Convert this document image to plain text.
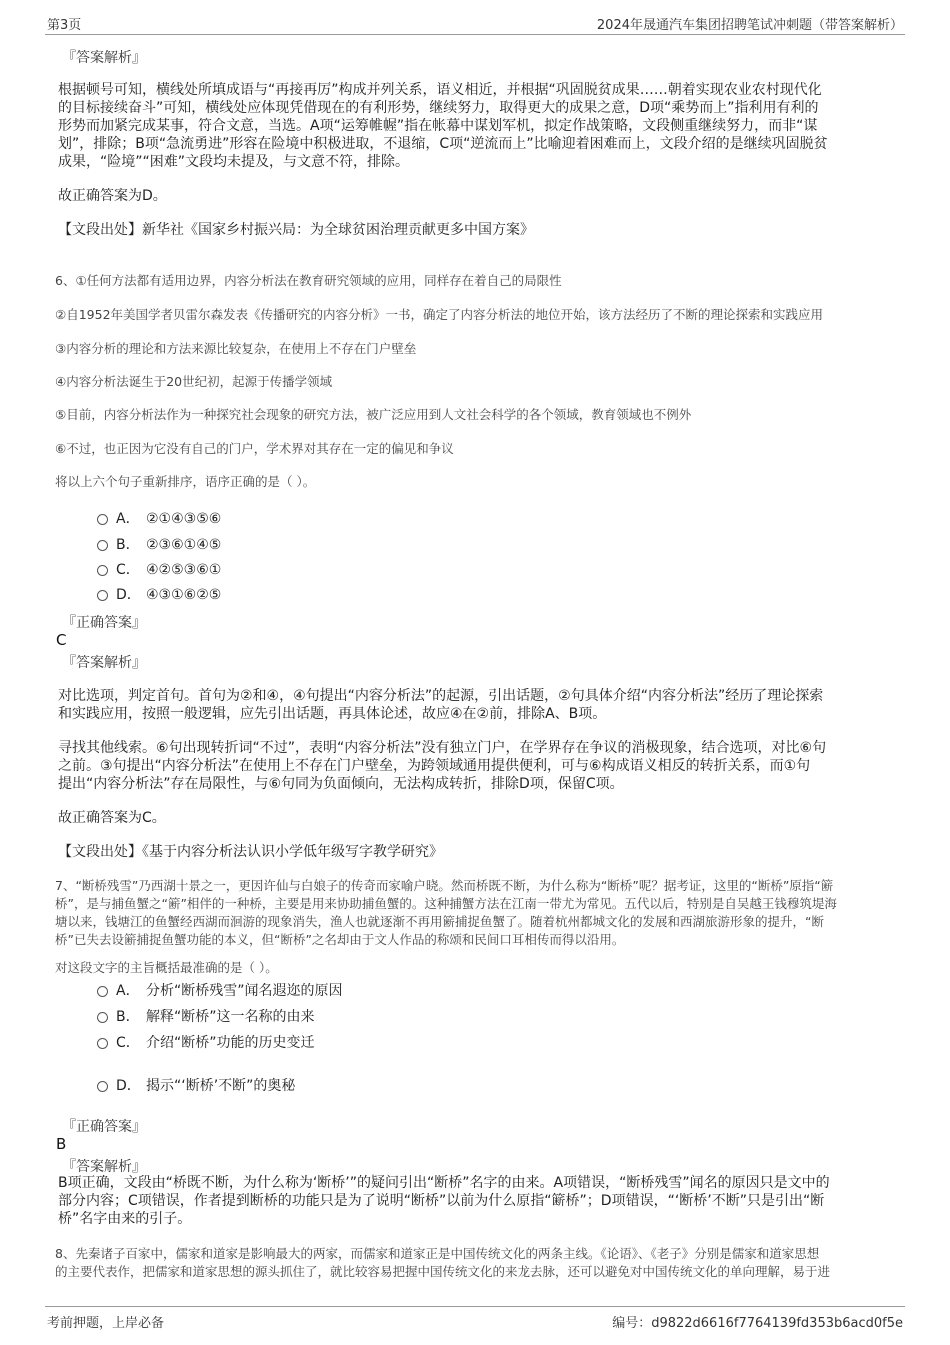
第3页	2024年晟通汽车集团招聘笔试冲刺题（带答案解析）
『答案解析』
根据顿号可知，横线处所填成语与“再接再厉”构成并列关系，语义相近，并根据“巩固脱贫成果……朝着实现农业农村现代化
的目标接续奋斗”可知，横线处应体现凭借现在的有利形势，继续努力，取得更大的成果之意，D项“乘势而上”指利用有利的
形势而加紧完成某事，符合文意，当选。A项“运筹帷幄”指在帐幕中谋划军机，拟定作战策略，文段侧重继续努力，而非“谋
划”，排除；B项“急流勇进”形容在险境中积极进取，不退缩，C项“逆流而上”比喻迎着困难而上，文段介绍的是继续巩固脱贫
成果，“险境”“困难”文段均未提及，与文意不符，排除。
故正确答案为D。
【文段出处】新华社《国家乡村振兴局：为全球贫困治理贡献更多中国方案》
6、①任何方法都有适用边界，内容分析法在教育研究领域的应用，同样存在着自己的局限性
②自1952年美国学者贝雷尔森发表《传播研究的内容分析》一书，确定了内容分析法的地位开始，该方法经历了不断的理论探索和实践应用
③内容分析的理论和方法来源比较复杂，在使用上不存在门户壁垒
④内容分析法诞生于20世纪初，起源于传播学领域
⑤目前，内容分析法作为一种探究社会现象的研究方法，被广泛应用到人文社会科学的各个领域，教育领域也不例外
⑥不过，也正因为它没有自己的门户，学术界对其存在一定的偏见和争议
将以上六个句子重新排序，语序正确的是（ ）。
A． ②①④③⑤⑥
B． ②③⑥①④⑤
C． ④②⑤③⑥①
D． ④③①⑥②⑤
『正确答案』
C
『答案解析』
对比选项，判定首句。首句为②和④，④句提出“内容分析法”的起源，引出话题，②句具体介绍“内容分析法”经历了理论探索
和实践应用，按照一般逻辑，应先引出话题，再具体论述，故应④在②前，排除A、B项。
寻找其他线索。⑥句出现转折词“不过”，表明“内容分析法”没有独立门户，在学界存在争议的消极现象，结合选项，对比⑥句
之前。③句提出“内容分析法”在使用上不存在门户壁垒，为跨领域通用提供便利，可与⑥构成语义相反的转折关系，而①句
提出“内容分析法”存在局限性，与⑥句同为负面倾向，无法构成转折，排除D项，保留C项。
故正确答案为C。
【文段出处】《基于内容分析法认识小学低年级写字教学研究》
7、“断桥残雪”乃西湖十景之一，更因许仙与白娘子的传奇而家喻户晓。然而桥既不断，为什么称为“断桥”呢？据考证，这里的“断桥”原指“簖
桥”，是与捕鱼蟹之“簖”相伴的一种桥，主要是用来协助捕鱼蟹的。这种捕蟹方法在江南一带尤为常见。五代以后，特别是自吴越王钱穆筑堤海
塘以来，钱塘江的鱼蟹经西湖而洄游的现象消失，渔人也就逐渐不再用簖捕捉鱼蟹了。随着杭州都城文化的发展和西湖旅游形象的提升，“断
桥”已失去设簖捕捉鱼蟹功能的本义，但“断桥”之名却由于文人作品的称颂和民间口耳相传而得以沿用。
对这段文字的主旨概括最准确的是（ ）。
A． 分析“断桥残雪”闻名遐迩的原因
B． 解释“断桥”这一名称的由来
C． 介绍“断桥”功能的历史变迁
D． 揭示“‘断桥’不断”的奥秘
『正确答案』
B
『答案解析』
B项正确，文段由“桥既不断，为什么称为‘断桥’”的疑问引出“断桥”名字的由来。A项错误，“断桥残雪”闻名的原因只是文中的
部分内容；C项错误，作者提到断桥的功能只是为了说明“断桥”以前为什么原指“簖桥”；D项错误，“‘断桥’不断”只是引出“断
桥”名字由来的引子。
8、先秦诸子百家中，儒家和道家是影响最大的两家，而儒家和道家正是中国传统文化的两条主线。《论语》、《老子》分别是儒家和道家思想
的主要代表作，把儒家和道家思想的源头抓住了，就比较容易把握中国传统文化的来龙去脉，还可以避免对中国传统文化的单向理解，易于进
考前押题，上岸必备	编号：d9822d6616f7764139fd353b6acd0f5e
